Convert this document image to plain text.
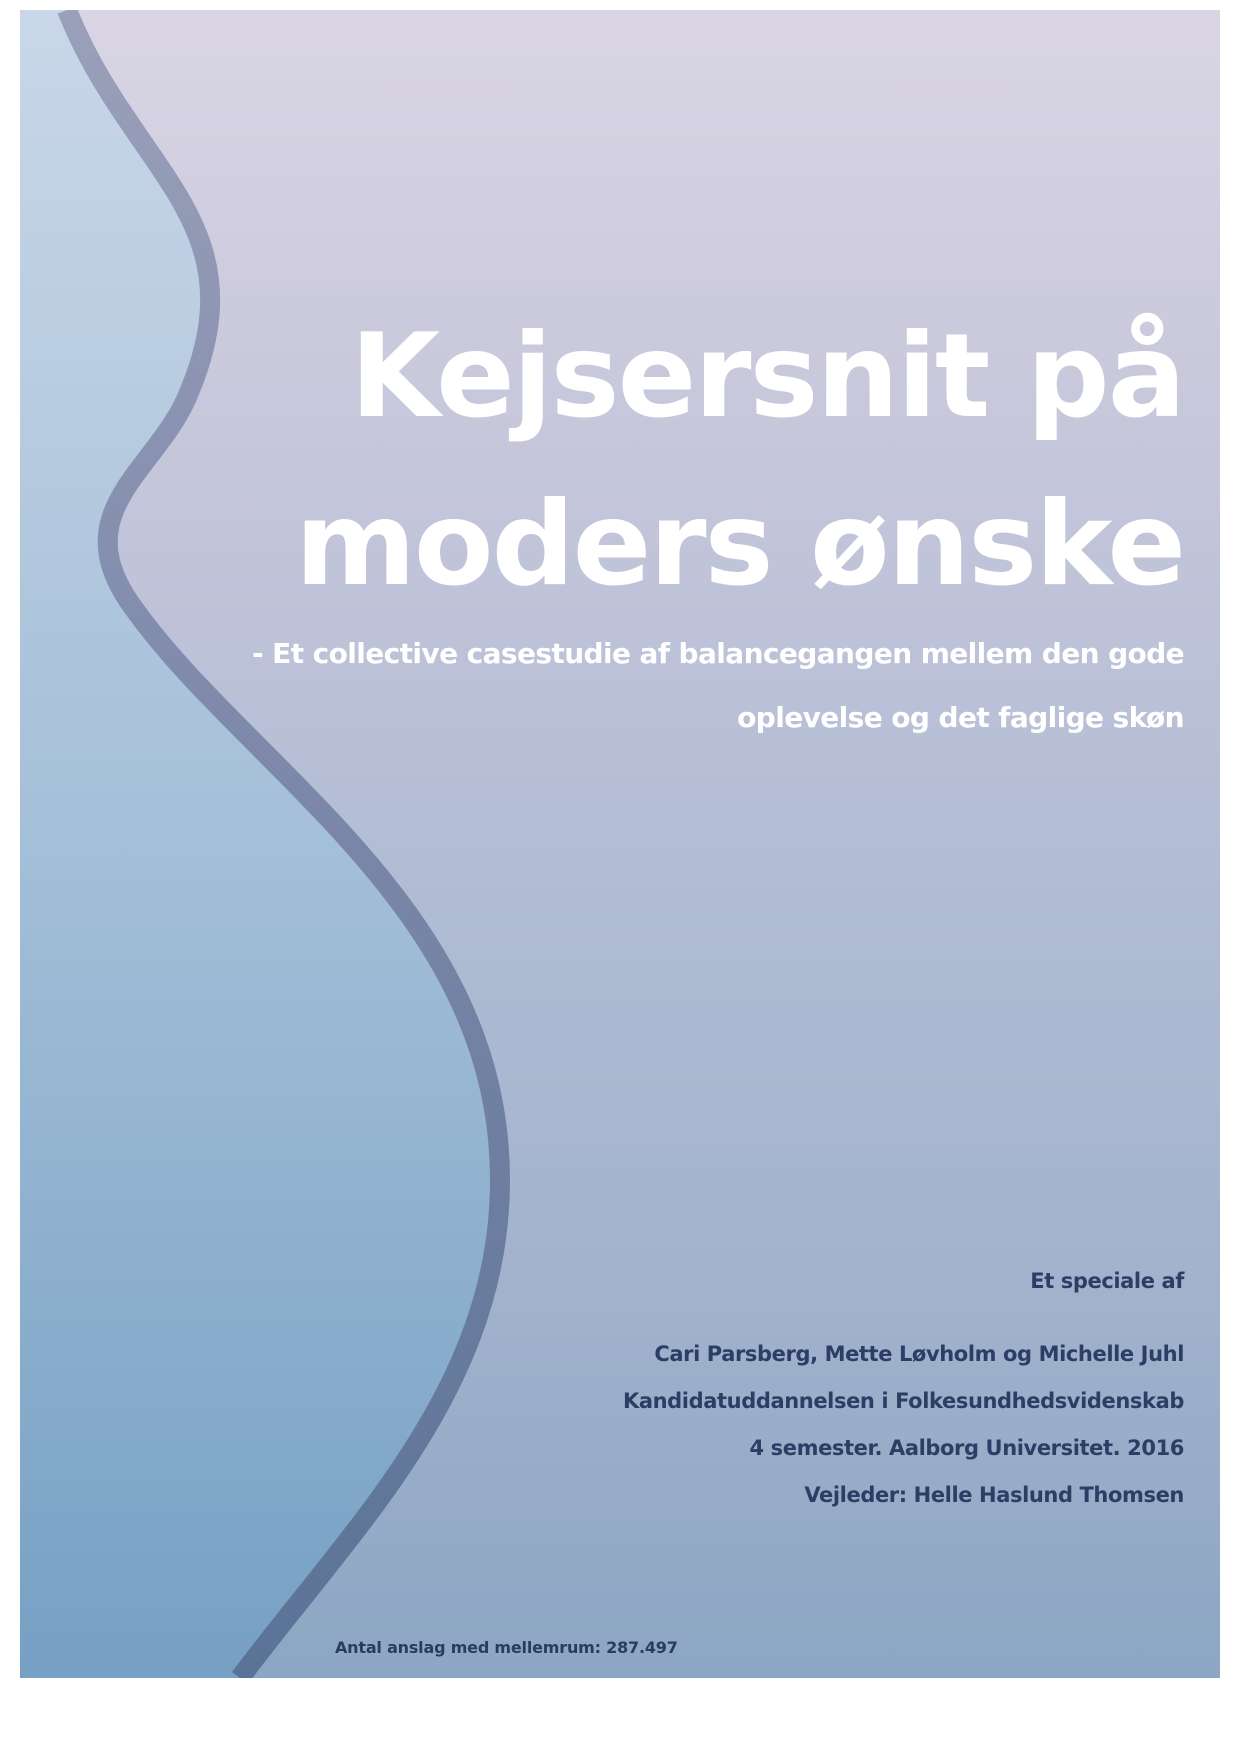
Kejsersnit på
moders ønske

- Et collective casestudie af balancegangen mellem den gode
oplevelse og det faglige skøn

Et speciale af
Cari Parsberg, Mette Løvholm og Michelle Juhl
Kandidatuddannelsen i Folkesundhedsvidenskab
4 semester. Aalborg Universitet. 2016
Vejleder: Helle Haslund Thomsen
Antal anslag med mellemrum: 287.497
